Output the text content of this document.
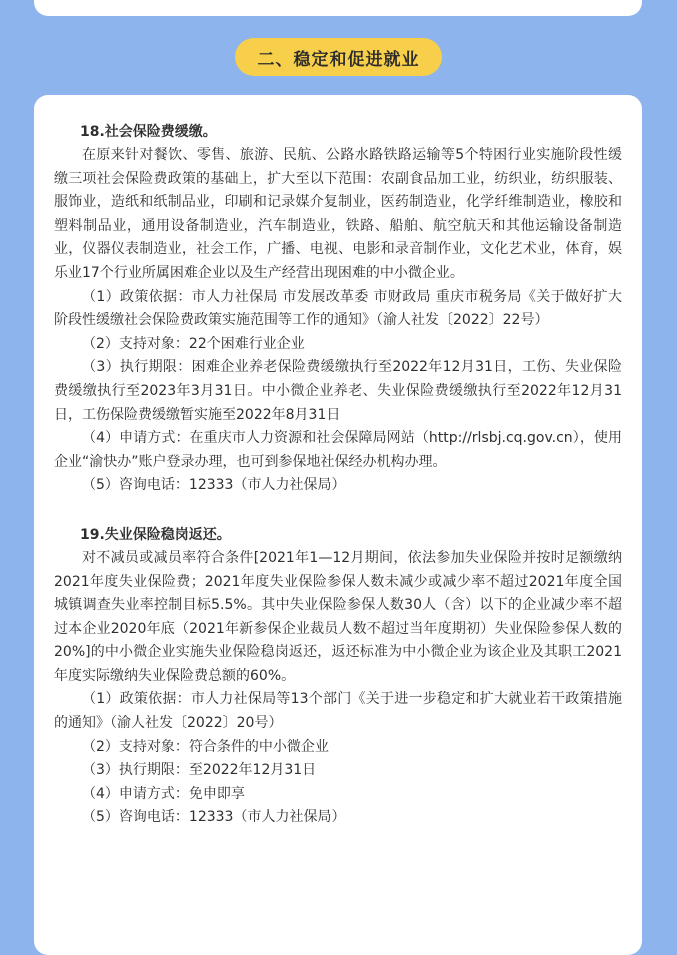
二、稳定和促进就业
18.社会保险费缓缴。

在原来针对餐饮、零售、旅游、民航、公路水路铁路运输等5个特困行业实施阶段性缓缴三项社会保险费政策的基础上，扩大至以下范围：农副食品加工业，纺织业，纺织服装、服饰业，造纸和纸制品业，印刷和记录媒介复制业，医药制造业，化学纤维制造业，橡胶和塑料制品业，通用设备制造业，汽车制造业，铁路、船舶、航空航天和其他运输设备制造业，仪器仪表制造业，社会工作，广播、电视、电影和录音制作业，文化艺术业，体育，娱乐业17个行业所属困难企业以及生产经营出现困难的中小微企业。

（1）政策依据：市人力社保局 市发展改革委 市财政局 重庆市税务局《关于做好扩大阶段性缓缴社会保险费政策实施范围等工作的通知》（渝人社发〔2022〕22号）

（2）支持对象：22个困难行业企业

（3）执行期限：困难企业养老保险费缓缴执行至2022年12月31日，工伤、失业保险费缓缴执行至2023年3月31日。中小微企业养老、失业保险费缓缴执行至2022年12月31日，工伤保险费缓缴暂实施至2022年8月31日

（4）申请方式：在重庆市人力资源和社会保障局网站（http://rlsbj.cq.gov.cn），使用企业“渝快办”账户登录办理，也可到参保地社保经办机构办理。

（5）咨询电话：12333（市人力社保局）

19.失业保险稳岗返还。

对不减员或减员率符合条件[2021年1—12月期间，依法参加失业保险并按时足额缴纳2021年度失业保险费；2021年度失业保险参保人数未减少或减少率不超过2021年度全国城镇调查失业率控制目标5.5%。其中失业保险参保人数30人（含）以下的企业减少率不超过本企业2020年底（2021年新参保企业裁员人数不超过当年度期初）失业保险参保人数的20%]的中小微企业实施失业保险稳岗返还，返还标准为中小微企业为该企业及其职工2021年度实际缴纳失业保险费总额的60%。

（1）政策依据：市人力社保局等13个部门《关于进一步稳定和扩大就业若干政策措施的通知》（渝人社发〔2022〕20号）

（2）支持对象：符合条件的中小微企业

（3）执行期限：至2022年12月31日

（4）申请方式：免申即享

（5）咨询电话：12333（市人力社保局）
